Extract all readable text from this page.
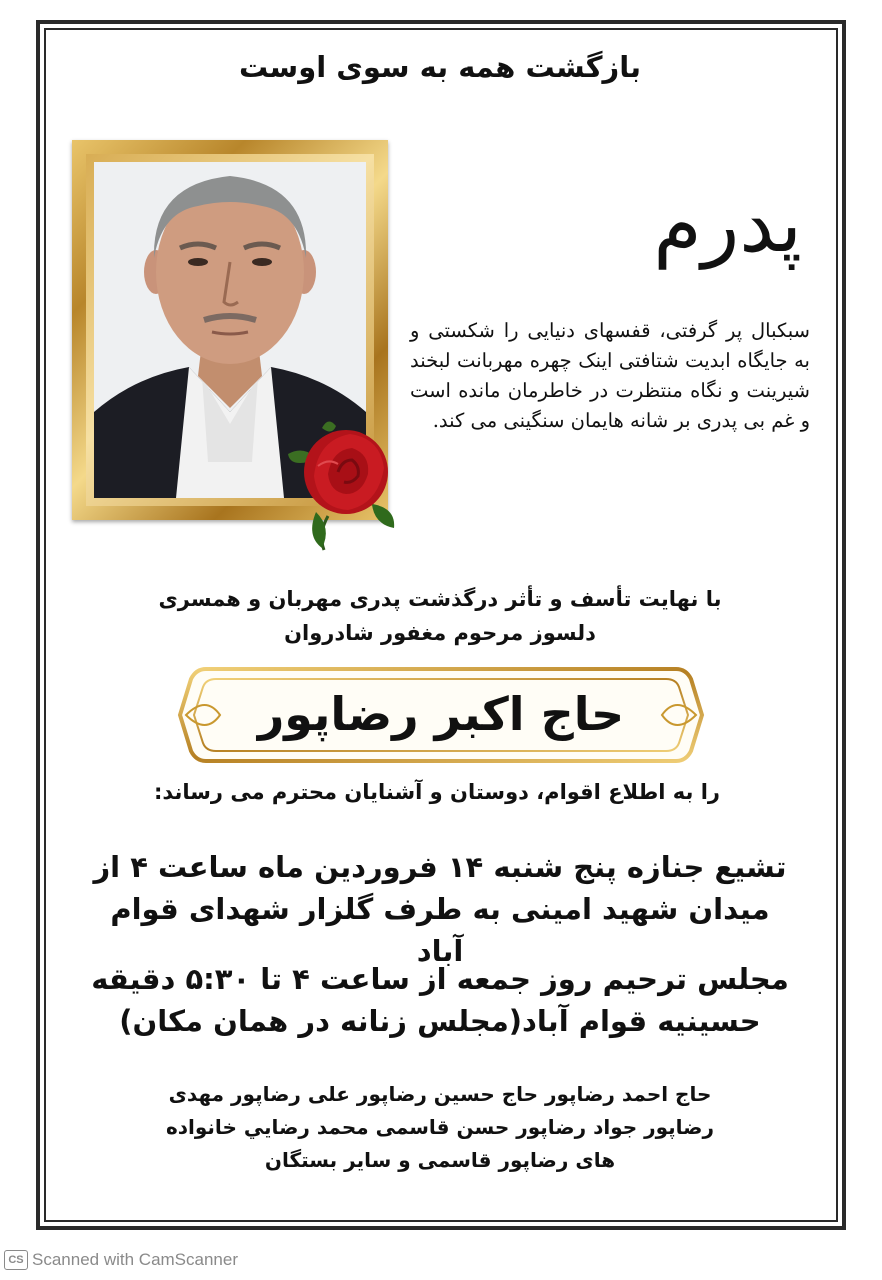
بازگشت همه به سوی اوست
پدرم
سبکبال پر گرفتی، قفسهای دنیایی را شکستی و به جایگاه ابدیت شتافتی اینک چهره مهربانت لبخند شیرینت و نگاه منتظرت در خاطرمان مانده است و غم بی پدری بر شانه هایمان سنگینی می کند.
با نهایت تأسف و تأثر درگذشت پدری مهربان و همسری
دلسوز مرحوم مغفور شادروان
حاج اکبر رضاپور
را به اطلاع اقوام، دوستان و آشنایان محترم می رساند:
تشیع جنازه پنج شنبه ۱۴ فروردین ماه ساعت ۴ از
میدان شهید امینی به طرف گلزار شهدای قوام آباد
مجلس ترحیم روز جمعه از ساعت ۴ تا ۵:۳۰ دقیقه
حسینیه قوام آباد(مجلس زنانه در همان مکان)
حاج احمد رضاپور حاج حسین رضاپور علی رضاپور مهدی
رضاپور جواد رضاپور حسن قاسمی محمد رضايي خانواده
های رضاپور قاسمی و سایر بستگان
CS Scanned with CamScanner
